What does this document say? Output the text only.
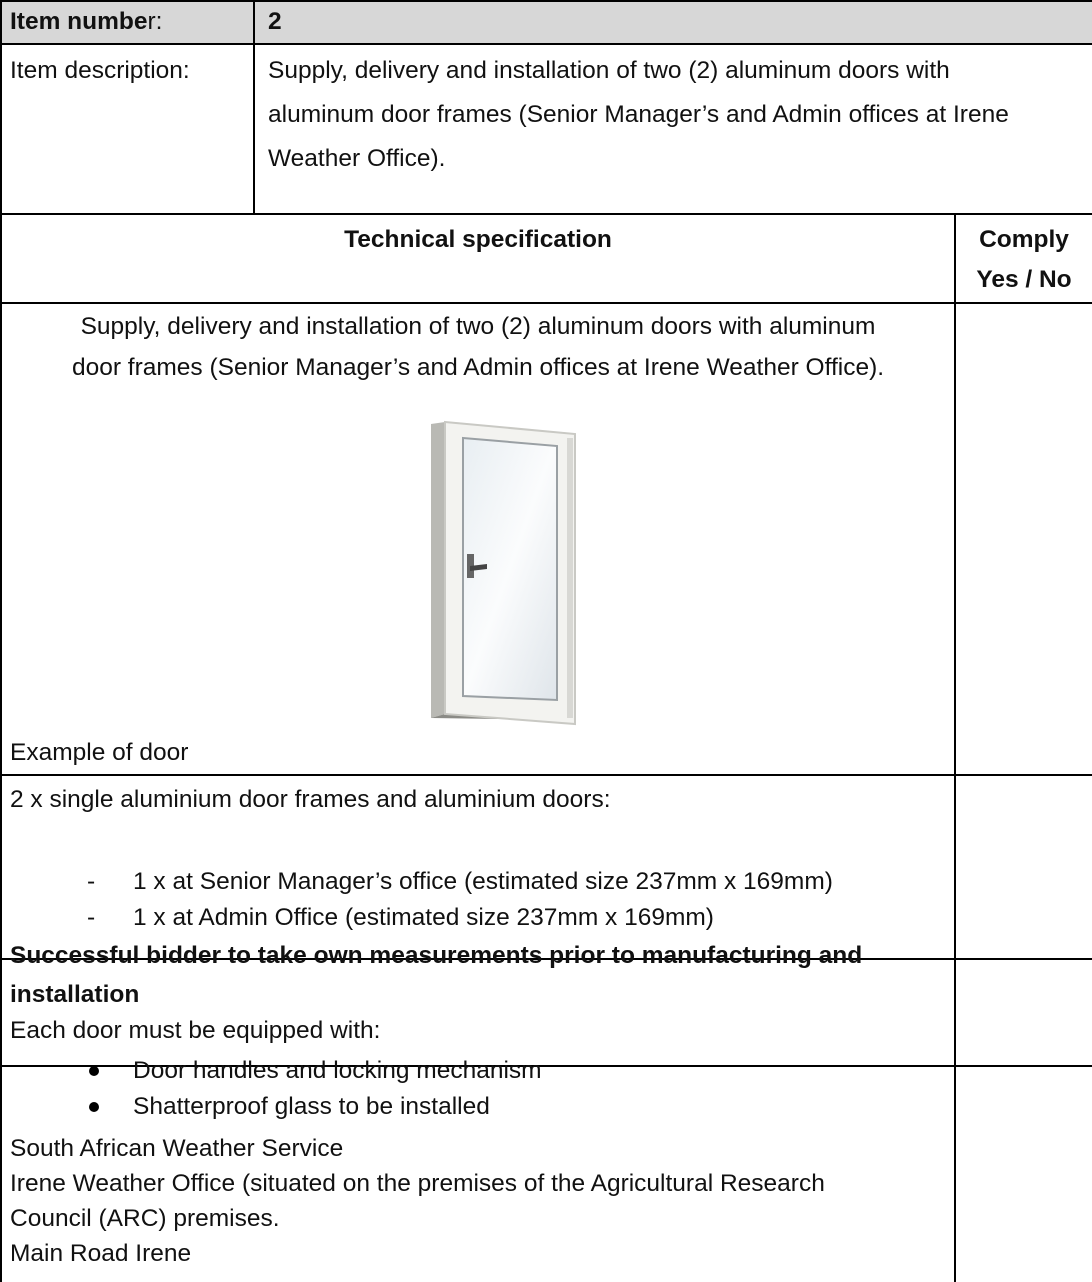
Item number:	2
Item description:	Supply, delivery and installation of two (2) aluminum doors with
aluminum door frames (Senior Manager’s and Admin offices at Irene
Weather Office).
Technical specification	Comply
Yes / No
Supply, delivery and installation of two (2) aluminum doors with aluminum
door frames (Senior Manager’s and Admin offices at Irene Weather Office).
Example of door
2 x single aluminium door frames and aluminium doors:
- 1 x at Senior Manager’s office (estimated size 237mm x 169mm)
- 1 x at Admin Office (estimated size 237mm x 169mm)
Successful bidder to take own measurements prior to manufacturing and
installation
Each door must be equipped with:
Door handles and locking mechanism
Shatterproof glass to be installed
South African Weather Service
Irene Weather Office (situated on the premises of the Agricultural Research
Council (ARC) premises.
Main Road Irene
